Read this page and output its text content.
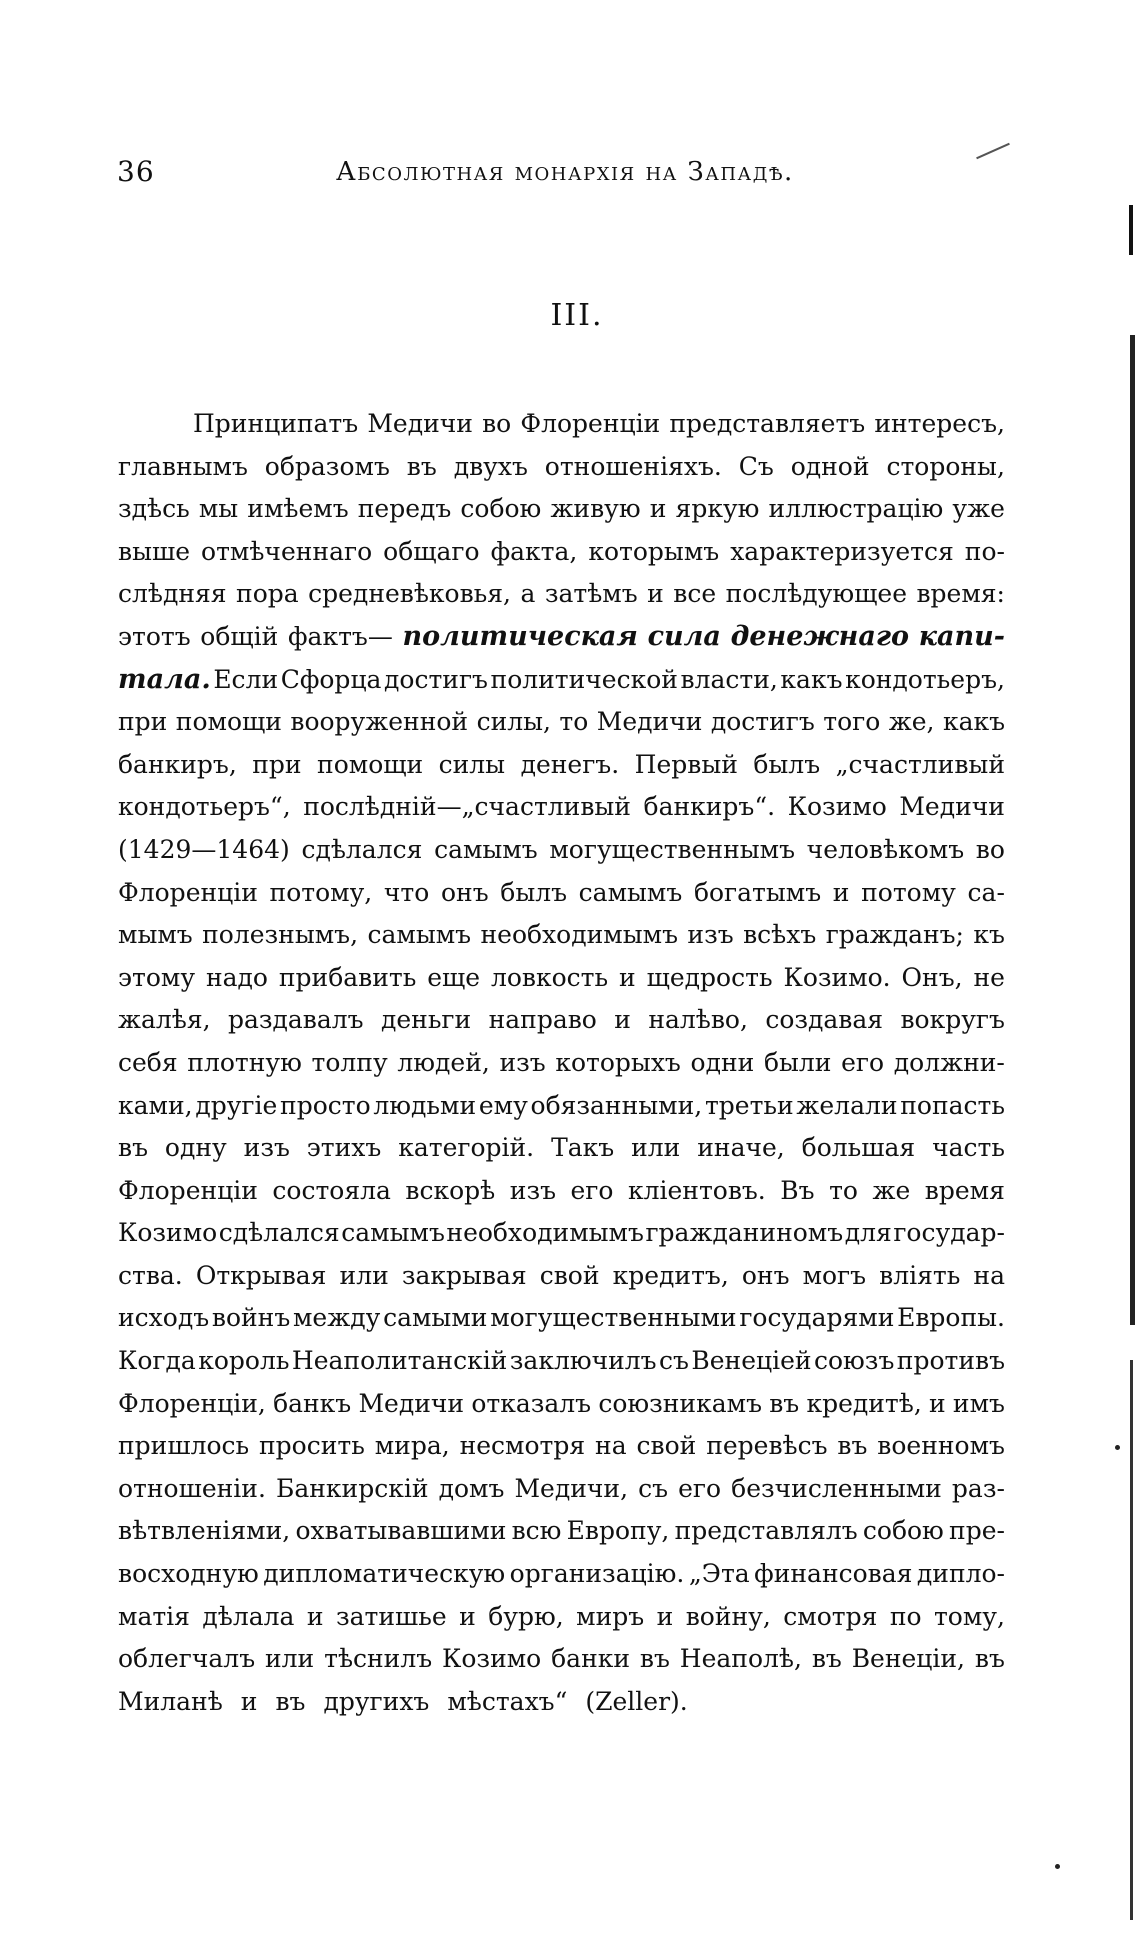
36	Абсолютная монархія на Западѣ.
III.
Принципатъ Медичи во Флоренціи представляетъ интересъ,
главнымъ образомъ въ двухъ отношеніяхъ. Съ одной стороны,
здѣсь мы имѣемъ передъ собою живую и яркую иллюстрацію уже
выше отмѣченнаго общаго факта, которымъ характеризуется по-
слѣдняя пора средневѣковья, а затѣмъ и все послѣдующее время:
этотъ общій фактъ— политическая сила денежнаго капи-
тала. Если Сфорца достигъ политической власти, какъ кондотьеръ,
при помощи вооруженной силы, то Медичи достигъ того же, какъ
банкиръ, при помощи силы денегъ. Первый былъ „счастливый
кондотьеръ“, послѣдній—„счастливый банкиръ“. Козимо Медичи
(1429—1464) сдѣлался самымъ могущественнымъ человѣкомъ во
Флоренціи потому, что онъ былъ самымъ богатымъ и потому са-
мымъ полезнымъ, самымъ необходимымъ изъ всѣхъ гражданъ; къ
этому надо прибавить еще ловкость и щедрость Козимо. Онъ, не
жалѣя, раздавалъ деньги направо и налѣво, создавая вокругъ
себя плотную толпу людей, изъ которыхъ одни были его должни-
ками, другіе просто людьми ему обязанными, третьи желали попасть
въ одну изъ этихъ категорій. Такъ или иначе, большая часть
Флоренціи состояла вскорѣ изъ его кліентовъ. Въ то же время
Козимо сдѣлался самымъ необходимымъ гражданиномъ для государ-
ства. Открывая или закрывая свой кредитъ, онъ могъ вліять на
исходъ войнъ между самыми могущественными государями Европы.
Когда король Неаполитанскій заключилъ съ Венеціей союзъ противъ
Флоренціи, банкъ Медичи отказалъ союзникамъ въ кредитѣ, и имъ
пришлось просить мира, несмотря на свой перевѣсъ въ военномъ
отношеніи. Банкирскій домъ Медичи, съ его безчисленными раз-
вѣтвленіями, охватывавшими всю Европу, представлялъ собою пре-
восходную дипломатическую организацію. „Эта финансовая дипло-
матія дѣлала и затишье и бурю, миръ и войну, смотря по тому,
облегчалъ или тѣснилъ Козимо банки въ Неаполѣ, въ Венеціи, въ
Миланѣ и въ другихъ мѣстахъ“ (Zeller).
